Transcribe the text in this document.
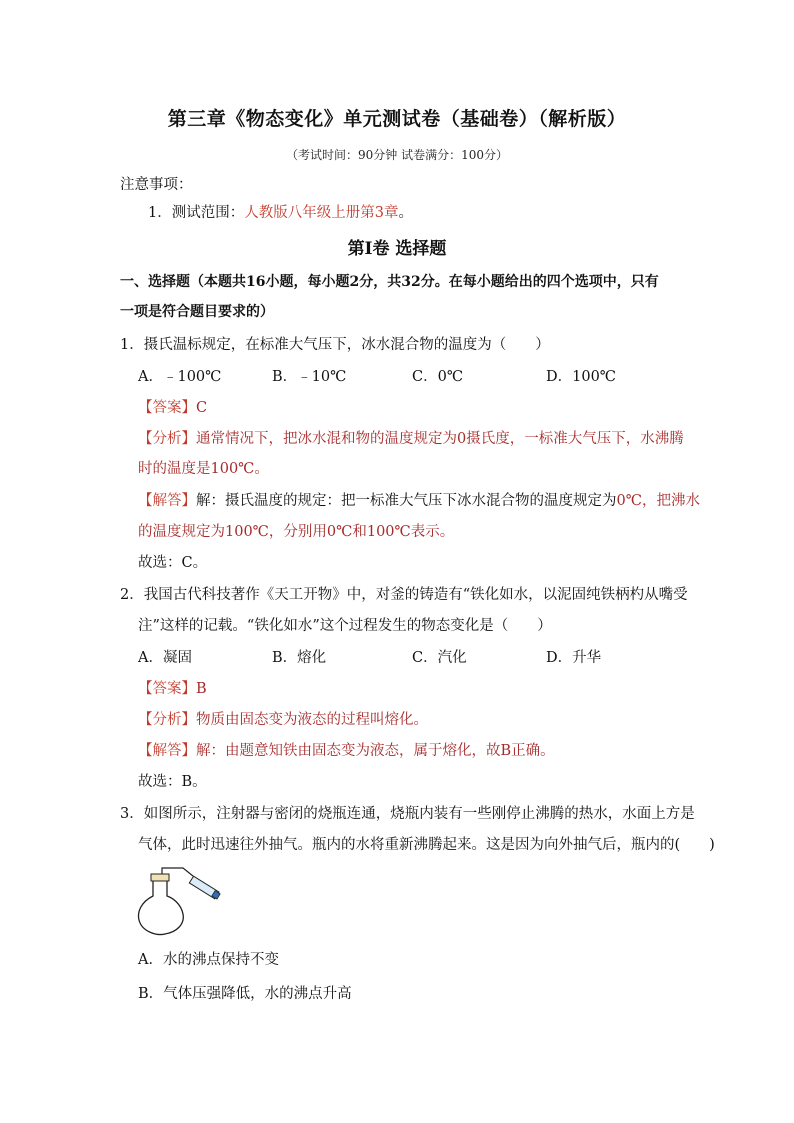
第三章《物态变化》单元测试卷（基础卷）（解析版）
（考试时间：90分钟 试卷满分：100分）
注意事项：
1．测试范围：人教版八年级上册第3章。
第Ⅰ卷 选择题
一、选择题（本题共16小题，每小题2分，共32分。在每小题给出的四个选项中，只有
一项是符合题目要求的）
1．摄氏温标规定，在标准大气压下，冰水混合物的温度为（　　）
A．﹣100℃	B．﹣10℃	C．0℃	D．100℃
【答案】C
【分析】通常情况下，把冰水混和物的温度规定为0摄氏度，一标准大气压下，水沸腾
时的温度是100℃。
【解答】解：摄氏温度的规定：把一标准大气压下冰水混合物的温度规定为0℃，把沸水
的温度规定为100℃，分别用0℃和100℃表示。
故选：C。
2．我国古代科技著作《天工开物》中，对釜的铸造有“铁化如水，以泥固纯铁柄杓从嘴受
注”这样的记载。“铁化如水”这个过程发生的物态变化是（　　）
A．凝固	B．熔化	C．汽化	D．升华
【答案】B
【分析】物质由固态变为液态的过程叫熔化。
【解答】解：由题意知铁由固态变为液态，属于熔化，故B正确。
故选：B。
3．如图所示，注射器与密闭的烧瓶连通，烧瓶内装有一些刚停止沸腾的热水，水面上方是
气体，此时迅速往外抽气。瓶内的水将重新沸腾起来。这是因为向外抽气后，瓶内的(　　)
A．水的沸点保持不变
B．气体压强降低，水的沸点升高
